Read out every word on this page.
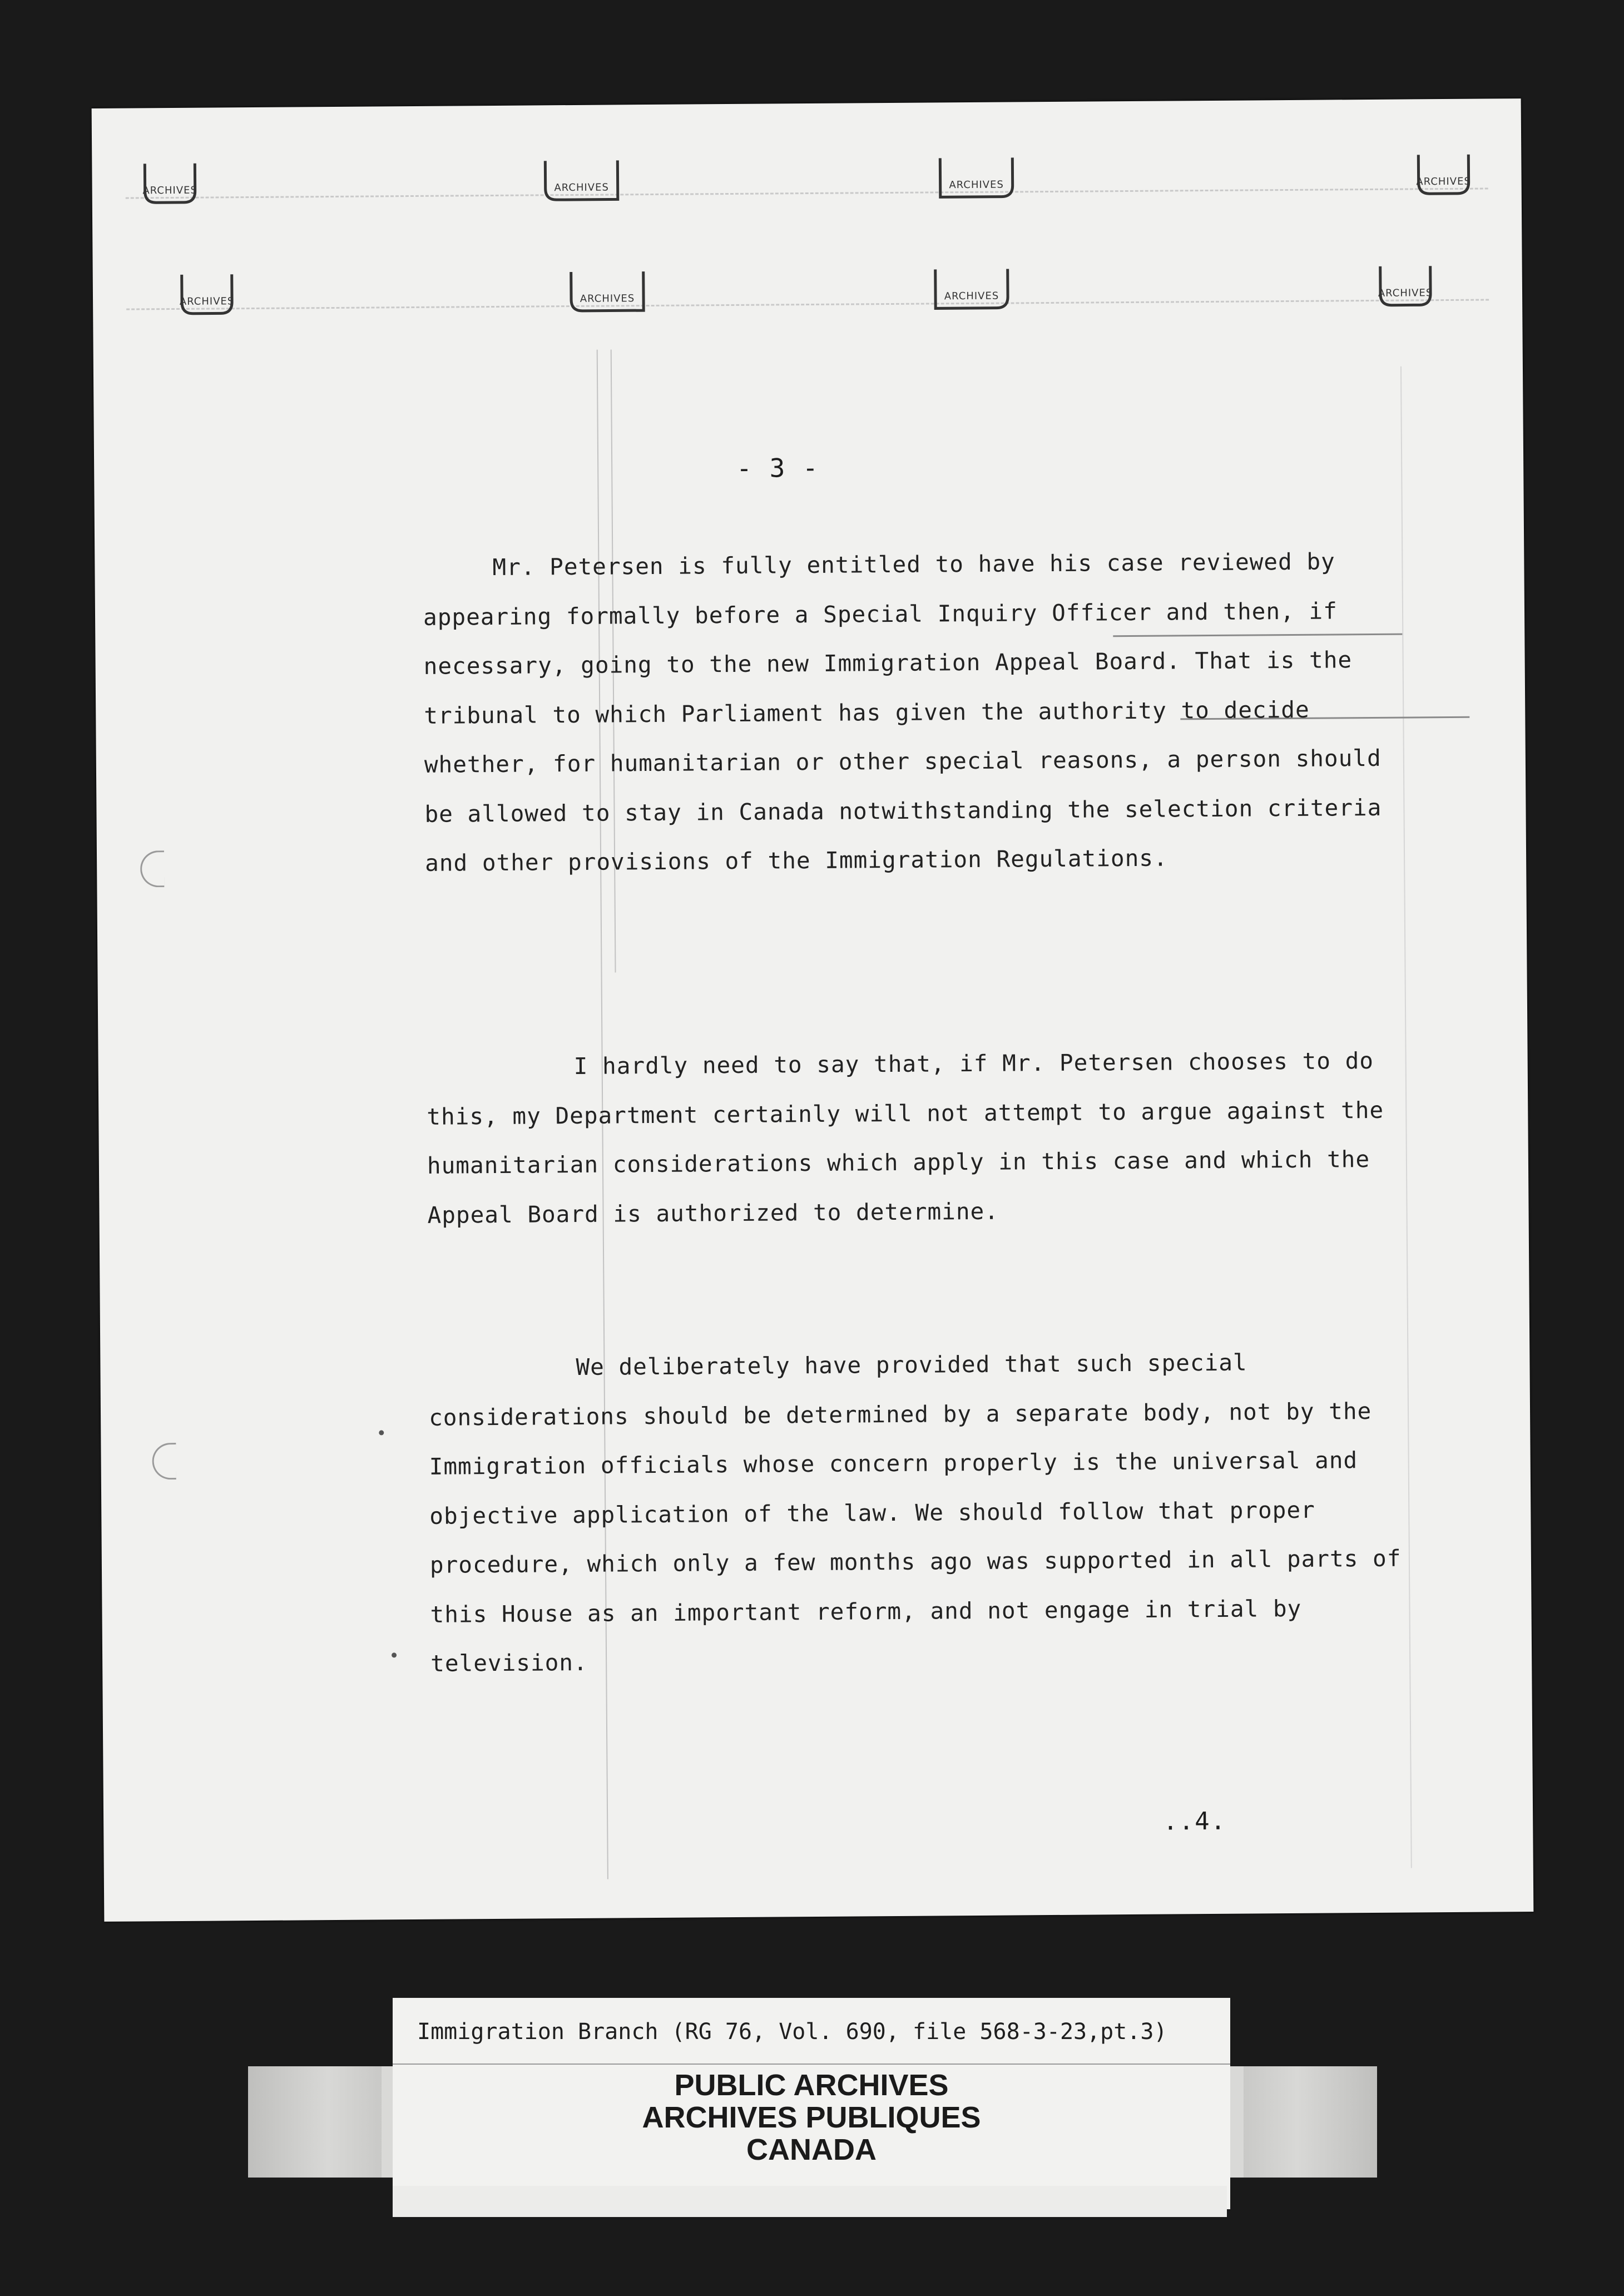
ARCHIVES	ARCHIVES	ARCHIVES	ARCHIVES
ARCHIVES	ARCHIVES	ARCHIVES	ARCHIVES
- 3 -
Mr. Petersen is fully entitled to have his case reviewed by appearing formally before a Special Inquiry Officer and then, if necessary, going to the new Immigration Appeal Board. That is the tribunal to which Parliament has given the authority to decide whether, for humanitarian or other special reasons, a person should be allowed to stay in Canada notwithstanding the selection criteria and other provisions of the Immigration Regulations.
I hardly need to say that, if Mr. Petersen chooses to do this, my Department certainly will not attempt to argue against the humanitarian considerations which apply in this case and which the Appeal Board is authorized to determine.
We deliberately have provided that such special considerations should be determined by a separate body, not by the Immigration officials whose concern properly is the universal and objective application of the law. We should follow that proper procedure, which only a few months ago was supported in all parts of this House as an important reform, and not engage in trial by television.
..4.
Immigration Branch (RG 76, Vol. 690, file 568-3-23,pt.3)
PUBLIC ARCHIVES
ARCHIVES PUBLIQUES
CANADA
